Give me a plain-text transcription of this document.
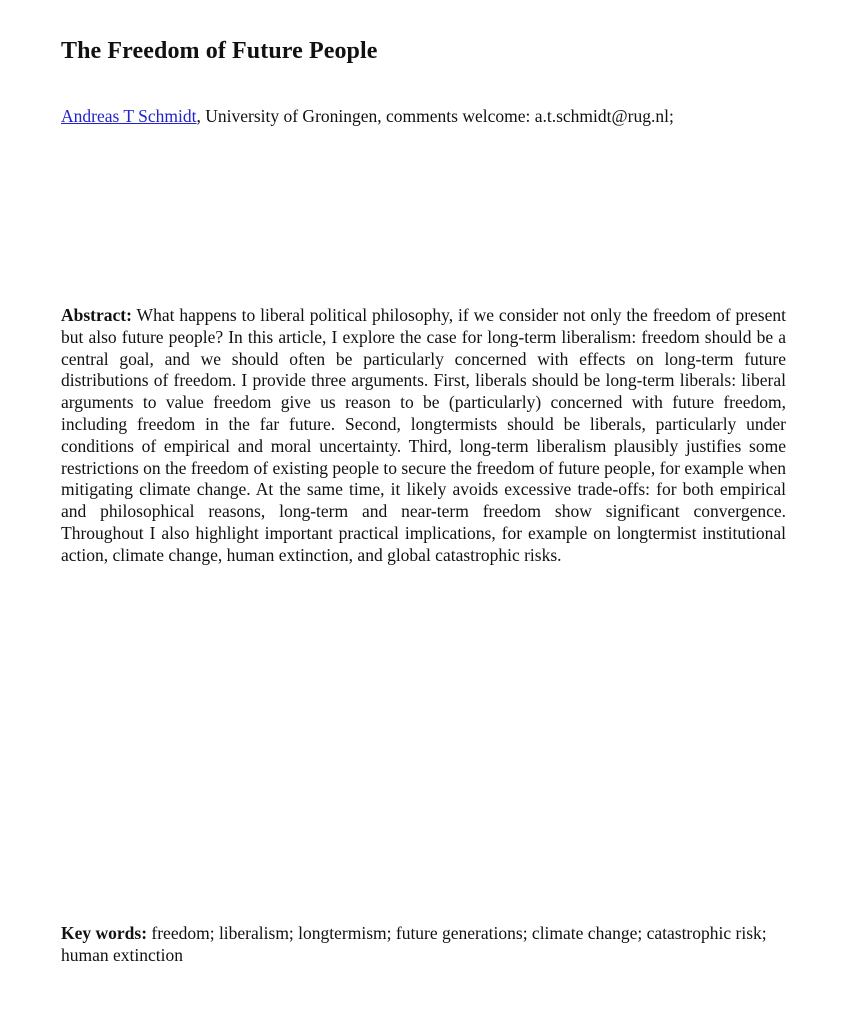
The Freedom of Future People

Andreas T Schmidt, University of Groningen, comments welcome: a.t.schmidt@rug.nl;

Abstract: What happens to liberal political philosophy, if we consider not only the freedom of present but also future people? In this article, I explore the case for long-term liberalism: freedom should be a central goal, and we should often be particularly concerned with effects on long-term future distributions of freedom. I provide three arguments. First, liberals should be long-term liberals: liberal arguments to value freedom give us reason to be (particularly) concerned with future freedom, including freedom in the far future. Second, longtermists should be liberals, particularly under conditions of empirical and moral uncertainty. Third, long-term liberalism plausibly justifies some restrictions on the freedom of existing people to secure the freedom of future people, for example when mitigating climate change. At the same time, it likely avoids excessive trade-offs: for both empirical and philosophical reasons, long-term and near-term freedom show significant convergence. Throughout I also highlight important practical implications, for example on longtermist institutional action, climate change, human extinction, and global catastrophic risks.

Key words: freedom; liberalism; longtermism; future generations; climate change; catastrophic risk; human extinction
